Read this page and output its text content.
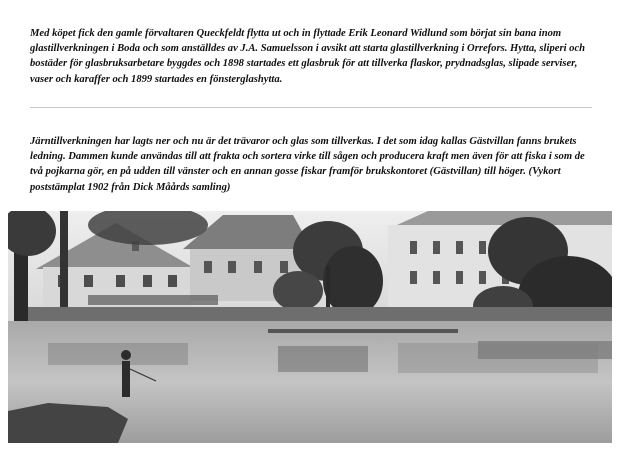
Med köpet fick den gamle förvaltaren Queckfeldt flytta ut och in flyttade Erik Leonard Widlund som börjat sin bana inom glastillverkningen i Boda och som anställdes av J.A. Samuelsson i avsikt att starta glastillverkning i Orrefors. Hytta, sliperi och bostäder för glasbruksarbetare byggdes och 1898 startades ett glasbruk för att tillverka flaskor, prydnadsglas, slipade serviser, vaser och karaffer och 1899 startades en fönsterglashytta.

Järntillverkningen har lagts ner och nu är det trävaror och glas som tillverkas. I det som idag kallas Gästvillan fanns brukets ledning. Dammen kunde användas till att frakta och sortera virke till sågen och producera kraft men även för att fiska i som de två pojkarna gör, en på udden till vänster och en annan gosse fiskar framför brukskontoret (Gästvillan) till höger. (Vykort poststämplat 1902 från Dick Måårds samling)
